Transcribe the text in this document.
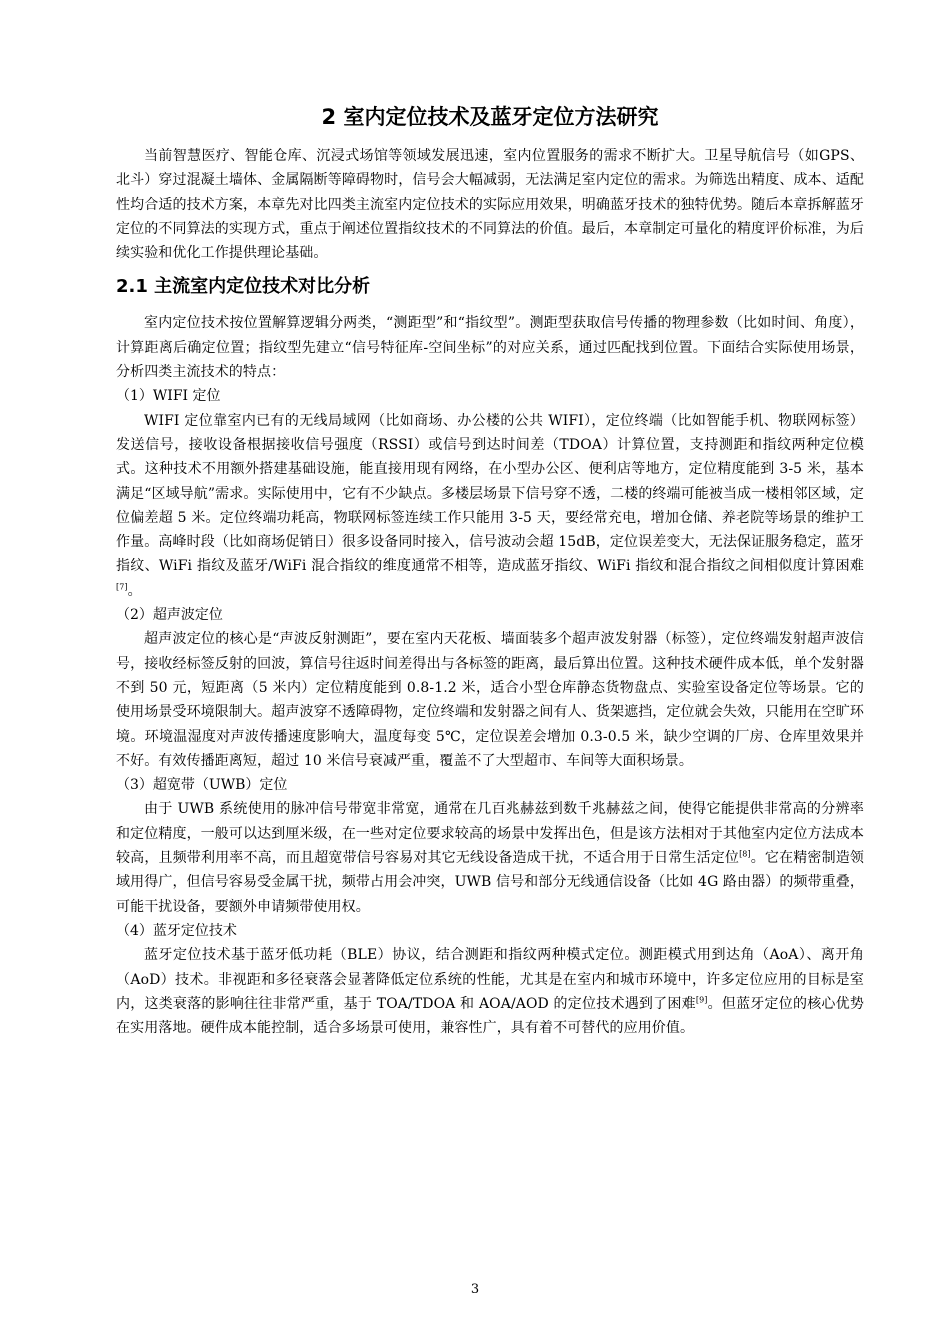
2 室内定位技术及蓝牙定位方法研究

当前智慧医疗、智能仓库、沉浸式场馆等领域发展迅速，室内位置服务的需求不断扩大。卫星导航信号（如GPS、北斗）穿过混凝土墙体、金属隔断等障碍物时，信号会大幅减弱，无法满足室内定位的需求。为筛选出精度、成本、适配性均合适的技术方案，本章先对比四类主流室内定位技术的实际应用效果，明确蓝牙技术的独特优势。随后本章拆解蓝牙定位的不同算法的实现方式，重点于阐述位置指纹技术的不同算法的价值。最后，本章制定可量化的精度评价标准，为后续实验和优化工作提供理论基础。

2.1 主流室内定位技术对比分析

室内定位技术按位置解算逻辑分两类，“测距型”和“指纹型”。测距型获取信号传播的物理参数（比如时间、角度），计算距离后确定位置；指纹型先建立“信号特征库-空间坐标”的对应关系，通过匹配找到位置。下面结合实际使用场景，分析四类主流技术的特点：

（1）WIFI 定位

WIFI 定位靠室内已有的无线局域网（比如商场、办公楼的公共 WIFI），定位终端（比如智能手机、物联网标签）发送信号，接收设备根据接收信号强度（RSSI）或信号到达时间差（TDOA）计算位置，支持测距和指纹两种定位模式。这种技术不用额外搭建基础设施，能直接用现有网络，在小型办公区、便利店等地方，定位精度能到 3-5 米，基本满足“区域导航”需求。实际使用中，它有不少缺点。多楼层场景下信号穿不透，二楼的终端可能被当成一楼相邻区域，定位偏差超 5 米。定位终端功耗高，物联网标签连续工作只能用 3-5 天，要经常充电，增加仓储、养老院等场景的维护工作量。高峰时段（比如商场促销日）很多设备同时接入，信号波动会超 15dB，定位误差变大，无法保证服务稳定，蓝牙指纹、WiFi 指纹及蓝牙/WiFi 混合指纹的维度通常不相等，造成蓝牙指纹、WiFi 指纹和混合指纹之间相似度计算困难[7]。

（2）超声波定位

超声波定位的核心是“声波反射测距”，要在室内天花板、墙面装多个超声波发射器（标签），定位终端发射超声波信号，接收经标签反射的回波，算信号往返时间差得出与各标签的距离，最后算出位置。这种技术硬件成本低，单个发射器不到 50 元，短距离（5 米内）定位精度能到 0.8-1.2 米，适合小型仓库静态货物盘点、实验室设备定位等场景。它的使用场景受环境限制大。超声波穿不透障碍物，定位终端和发射器之间有人、货架遮挡，定位就会失效，只能用在空旷环境。环境温湿度对声波传播速度影响大，温度每变 5℃，定位误差会增加 0.3-0.5 米，缺少空调的厂房、仓库里效果并不好。有效传播距离短，超过 10 米信号衰减严重，覆盖不了大型超市、车间等大面积场景。

（3）超宽带（UWB）定位

由于 UWB 系统使用的脉冲信号带宽非常宽，通常在几百兆赫兹到数千兆赫兹之间，使得它能提供非常高的分辨率和定位精度，一般可以达到厘米级，在一些对定位要求较高的场景中发挥出色，但是该方法相对于其他室内定位方法成本较高，且频带利用率不高，而且超宽带信号容易对其它无线设备造成干扰，不适合用于日常生活定位[8]。它在精密制造领域用得广，但信号容易受金属干扰，频带占用会冲突，UWB 信号和部分无线通信设备（比如 4G 路由器）的频带重叠，可能干扰设备，要额外申请频带使用权。

（4）蓝牙定位技术

蓝牙定位技术基于蓝牙低功耗（BLE）协议，结合测距和指纹两种模式定位。测距模式用到达角（AoA）、离开角（AoD）技术。非视距和多径衰落会显著降低定位系统的性能，尤其是在室内和城市环境中，许多定位应用的目标是室内，这类衰落的影响往往非常严重，基于 TOA/TDOA 和 AOA/AOD 的定位技术遇到了困难[9]。但蓝牙定位的核心优势在实用落地。硬件成本能控制，适合多场景可使用，兼容性广，具有着不可替代的应用价值。

3
